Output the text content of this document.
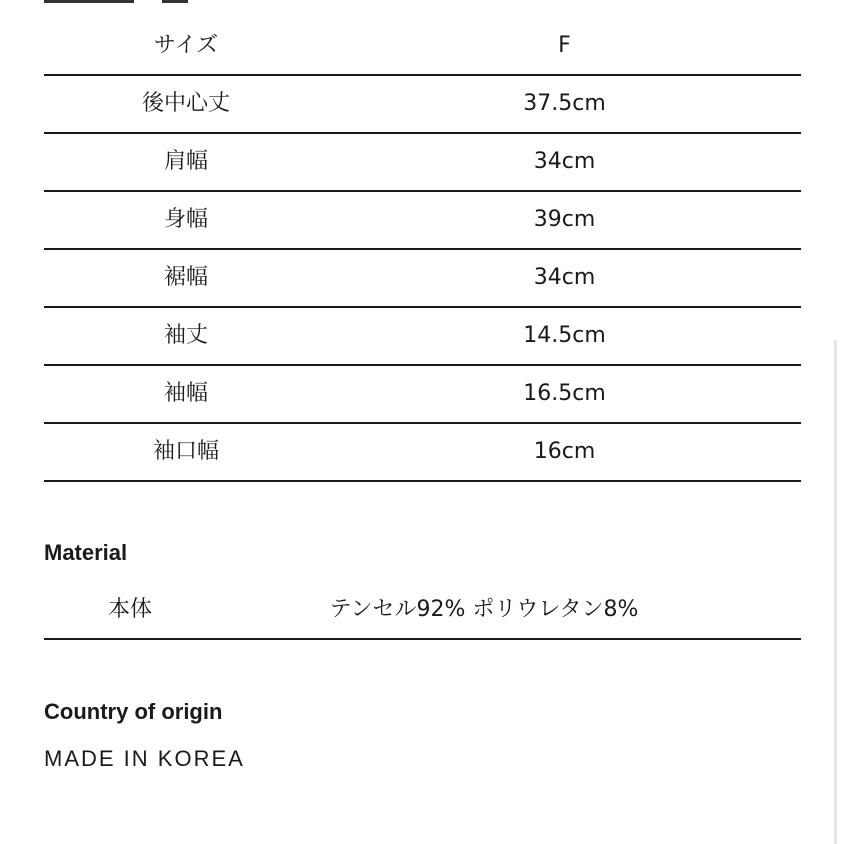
サイズ	F
後中心丈	37.5cm
肩幅	34cm
身幅	39cm
裾幅	34cm
袖丈	14.5cm
袖幅	16.5cm
袖口幅	16cm
Material
本体	テンセル92% ポリウレタン8%
Country of origin
MADE IN KOREA
